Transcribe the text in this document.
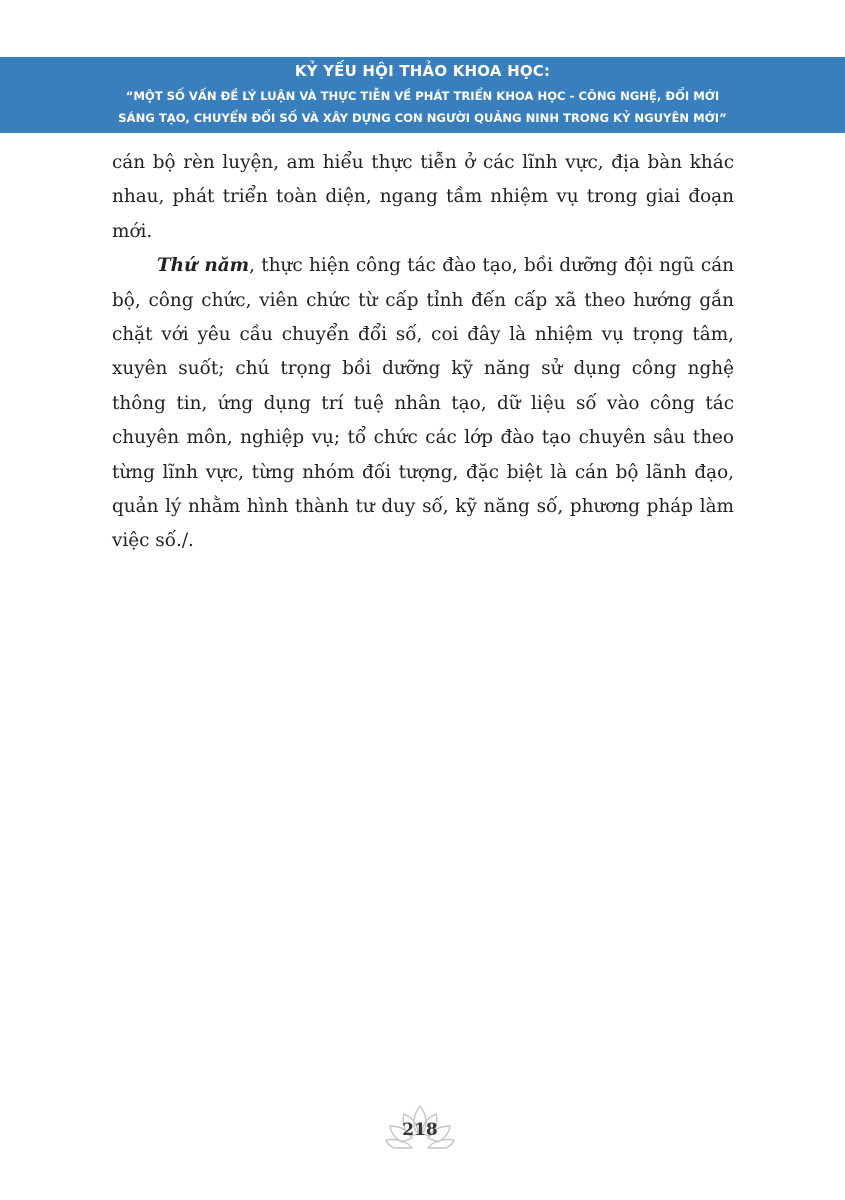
KỶ YẾU HỘI THẢO KHOA HỌC:
“MỘT SỐ VẤN ĐỀ LÝ LUẬN VÀ THỰC TIỄN VỀ PHÁT TRIỂN KHOA HỌC - CÔNG NGHỆ, ĐỔI MỚI
SÁNG TẠO, CHUYỂN ĐỔI SỐ VÀ XÂY DỰNG CON NGƯỜI QUẢNG NINH TRONG KỶ NGUYÊN MỚI”

cán bộ rèn luyện, am hiểu thực tiễn ở các lĩnh vực, địa bàn khác nhau, phát triển toàn diện, ngang tầm nhiệm vụ trong giai đoạn mới.

Thứ năm, thực hiện công tác đào tạo, bồi dưỡng đội ngũ cán bộ, công chức, viên chức từ cấp tỉnh đến cấp xã theo hướng gắn chặt với yêu cầu chuyển đổi số, coi đây là nhiệm vụ trọng tâm, xuyên suốt; chú trọng bồi dưỡng kỹ năng sử dụng công nghệ thông tin, ứng dụng trí tuệ nhân tạo, dữ liệu số vào công tác chuyên môn, nghiệp vụ; tổ chức các lớp đào tạo chuyên sâu theo từng lĩnh vực, từng nhóm đối tượng, đặc biệt là cán bộ lãnh đạo, quản lý nhằm hình thành tư duy số, kỹ năng số, phương pháp làm việc số./.

218
